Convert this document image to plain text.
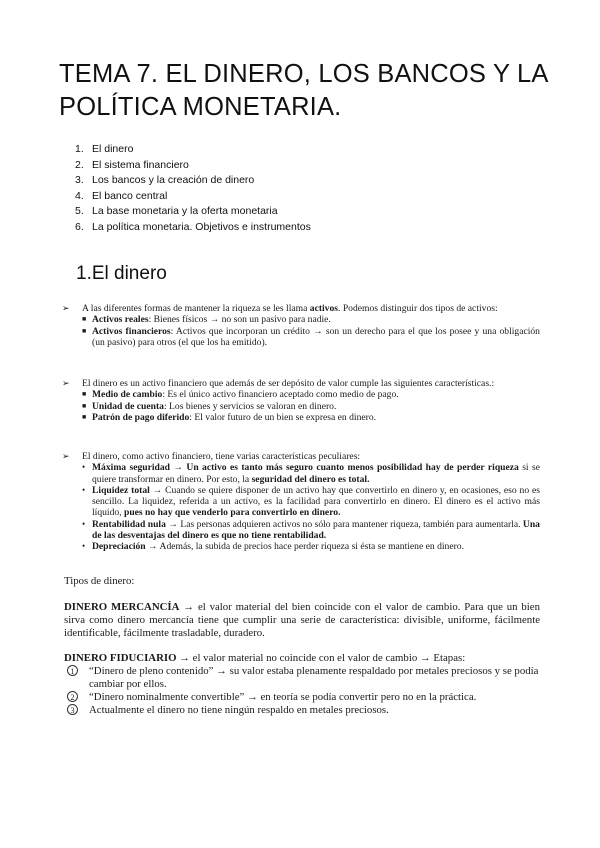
TEMA 7. EL DINERO, LOS BANCOS Y LA POLÍTICA MONETARIA.
1. El dinero
2. El sistema financiero
3. Los bancos y la creación de dinero
4. El banco central
5. La base monetaria y la oferta monetaria
6. La política monetaria. Objetivos e instrumentos
1.El dinero
➢	A las diferentes formas de mantener la riqueza se les llama activos. Podemos distinguir dos tipos de activos:
■ Activos reales: Bienes físicos → no son un pasivo para nadie.
■ Activos financieros: Activos que incorporan un crédito → son un derecho para el que los posee y una obligación (un pasivo) para otros (el que los ha emitido).
➢	El dinero es un activo financiero que además de ser depósito de valor cumple las siguientes características.:
■ Medio de cambio: Es el único activo financiero aceptado como medio de pago.
■ Unidad de cuenta: Los bienes y servicios se valoran en dinero.
■ Patrón de pago diferido: El valor futuro de un bien se expresa en dinero.
➢	El dinero, como activo financiero, tiene varias características peculiares:
• Máxima seguridad → Un activo es tanto más seguro cuanto menos posibilidad hay de perder riqueza si se quiere transformar en dinero. Por esto, la seguridad del dinero es total.
• Liquidez total → Cuando se quiere disponer de un activo hay que convertirlo en dinero y, en ocasiones, eso no es sencillo. La liquidez, referida a un activo, es la facilidad para convertirlo en dinero. El dinero es el activo más líquido, pues no hay que venderlo para convertirlo en dinero.
• Rentabilidad nula → Las personas adquieren activos no sólo para mantener riqueza, también para aumentarla. Una de las desventajas del dinero es que no tiene rentabilidad.
• Depreciación → Además, la subida de precios hace perder riqueza si ésta se mantiene en dinero.
Tipos de dinero:
DINERO MERCANCÍA → el valor material del bien coincide con el valor de cambio. Para que un bien sirva como dinero mercancía tiene que cumplir una serie de característica: divisible, uniforme, fácilmente identificable, fácilmente trasladable, duradero.
DINERO FIDUCIARIO → el valor material no coincide con el valor de cambio → Etapas:
1	“Dinero de pleno contenido” → su valor estaba plenamente respaldado por metales preciosos y se podía cambiar por ellos.
2	“Dinero nominalmente convertible” → en teoría se podía convertir pero no en la práctica.
3	Actualmente el dinero no tiene ningún respaldo en metales preciosos.
